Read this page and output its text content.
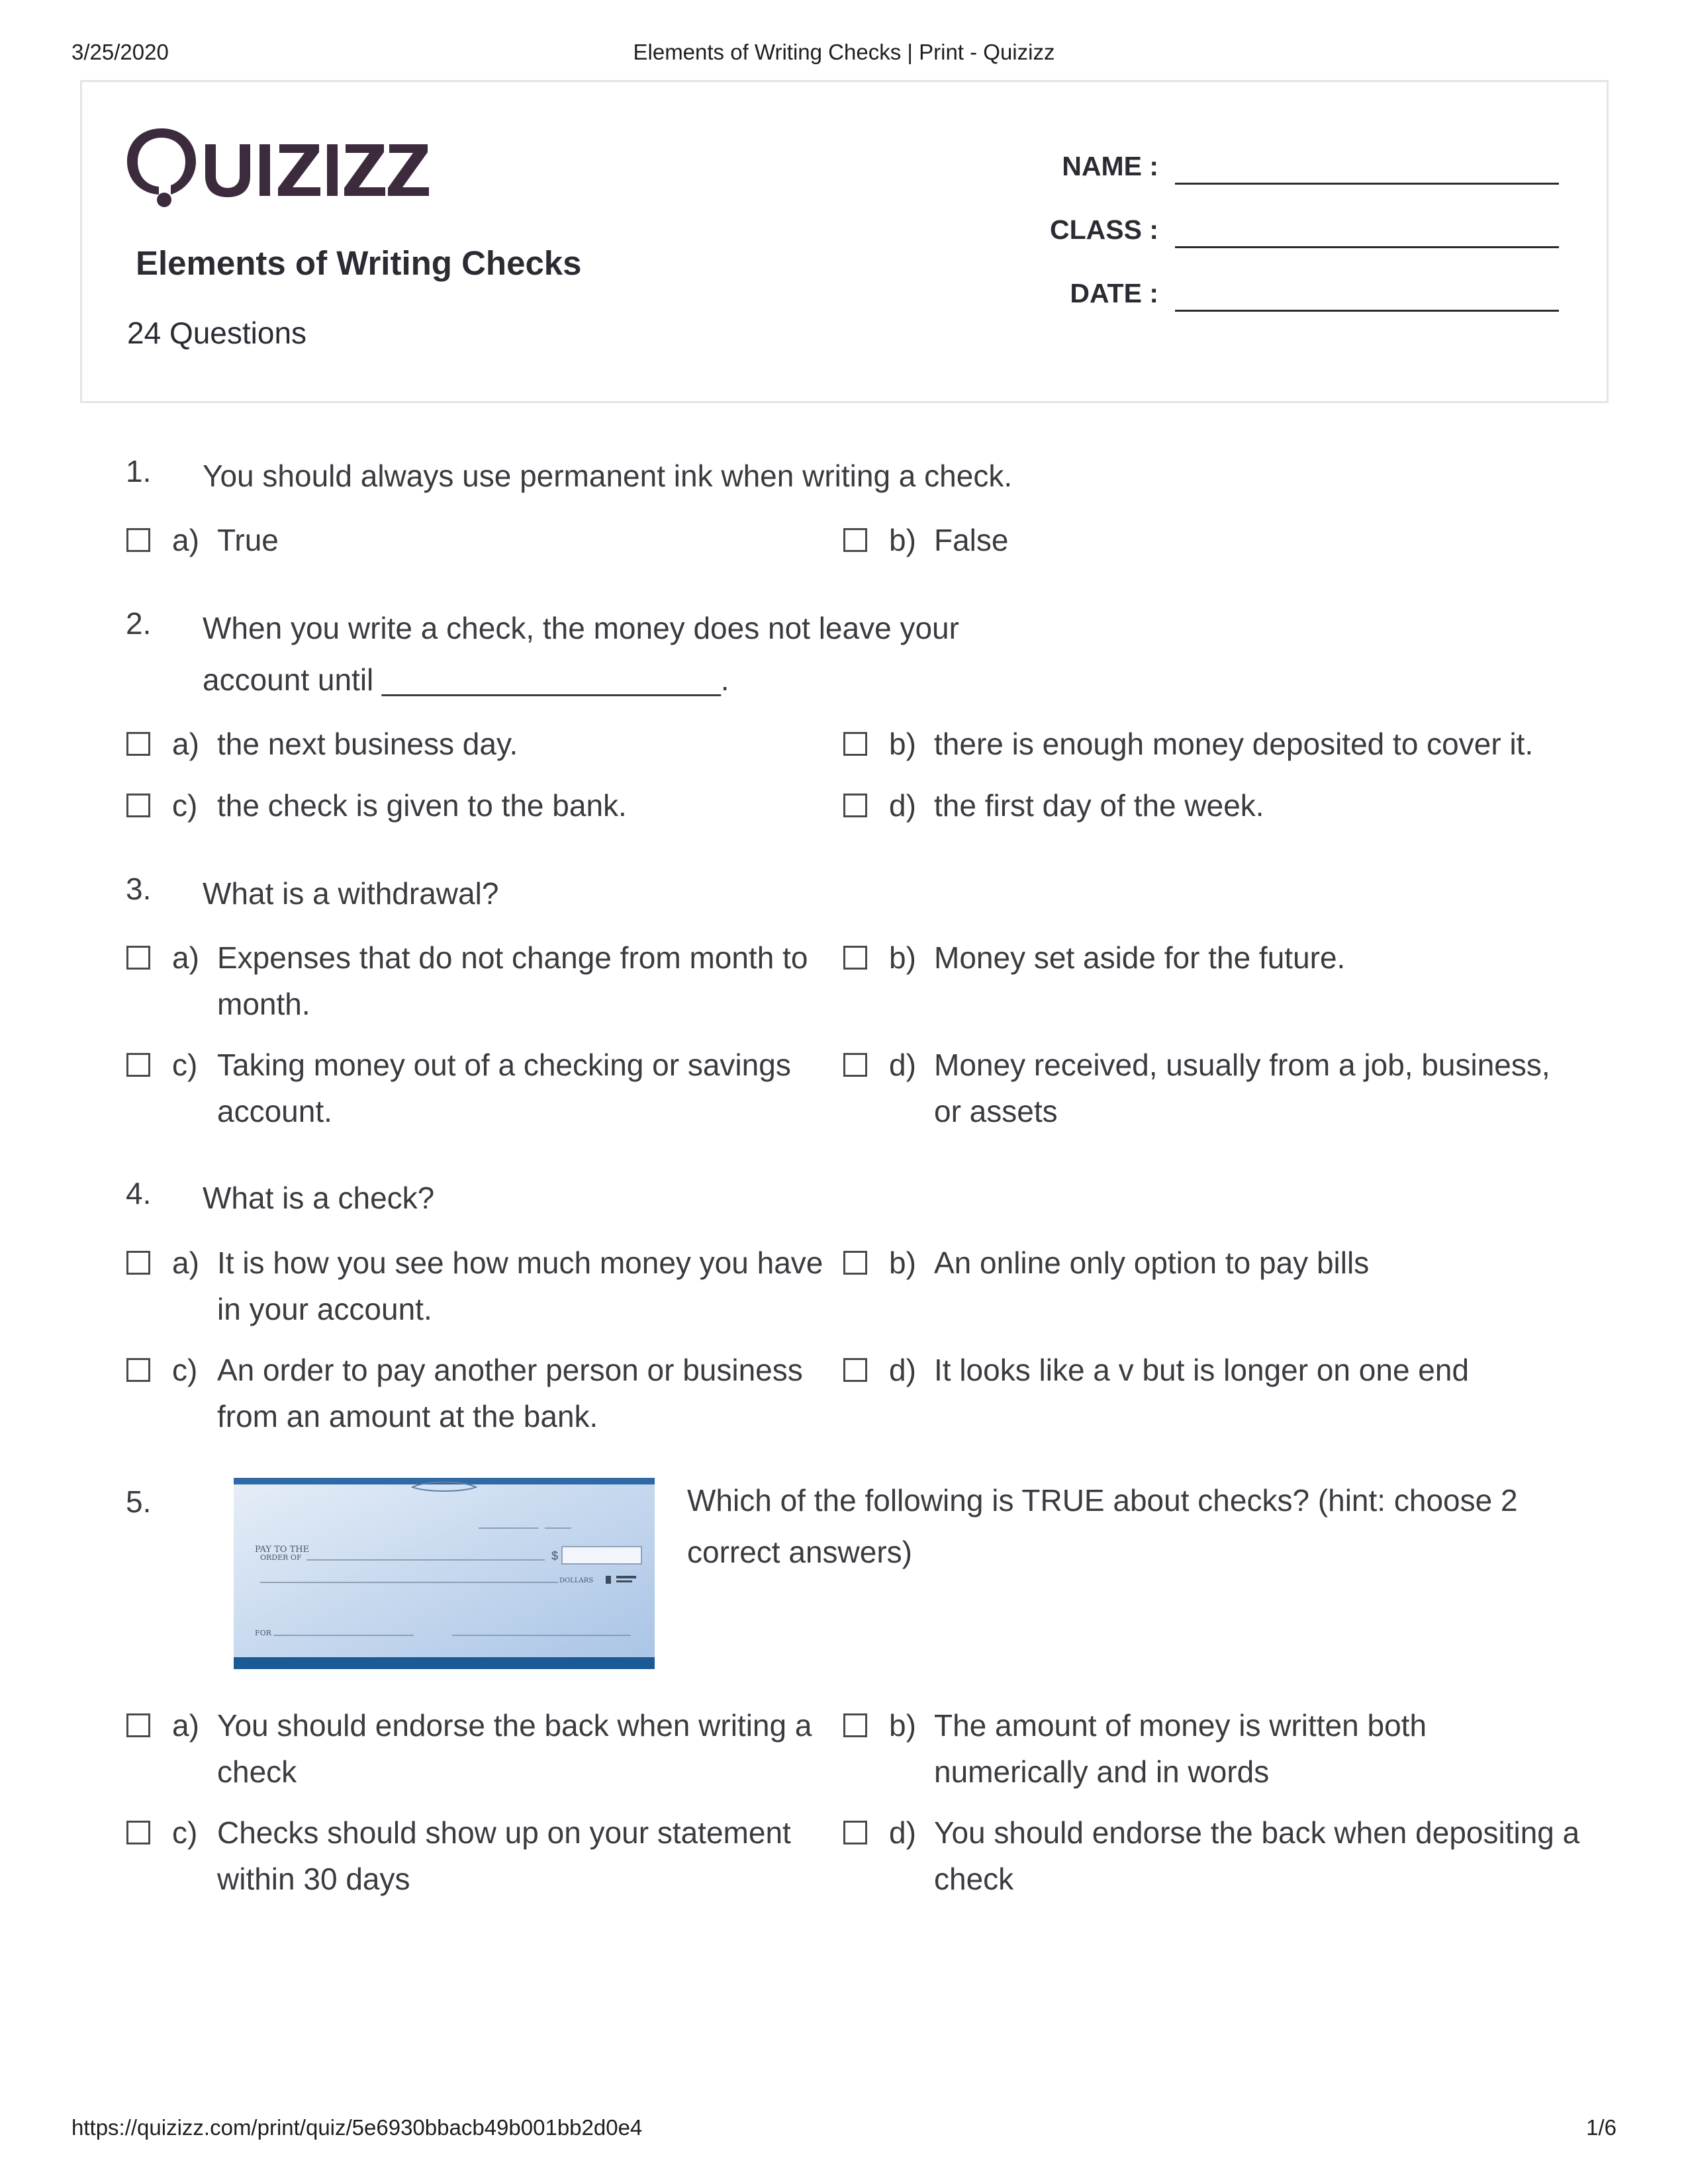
3/25/2020	Elements of Writing Checks | Print - Quizizz
Elements of Writing Checks
24 Questions
NAME :
CLASS :
DATE :
1. You should always use permanent ink when writing a check.
a) True	b) False
2. When you write a check, the money does not leave your
account until ____________________.
a) the next business day.	b) there is enough money deposited to cover it.
c) the check is given to the bank.	d) the first day of the week.
3. What is a withdrawal?
a) Expenses that do not change from month to month.
b) Money set aside for the future.
c) Taking money out of a checking or savings account.
d) Money received, usually from a job, business, or assets
4. What is a check?
a) It is how you see how much money you have in your account.
b) An online only option to pay bills
c) An order to pay another person or business from an amount at the bank.
d) It looks like a v but is longer on one end
5.
PAY TO THE
ORDER OF	$
DOLLARS
FOR
Which of the following is TRUE about checks? (hint: choose 2 correct answers)
a) You should endorse the back when writing a check
b) The amount of money is written both numerically and in words
c) Checks should show up on your statement within 30 days
d) You should endorse the back when depositing a check
https://quizizz.com/print/quiz/5e6930bbacb49b001bb2d0e4	1/6
